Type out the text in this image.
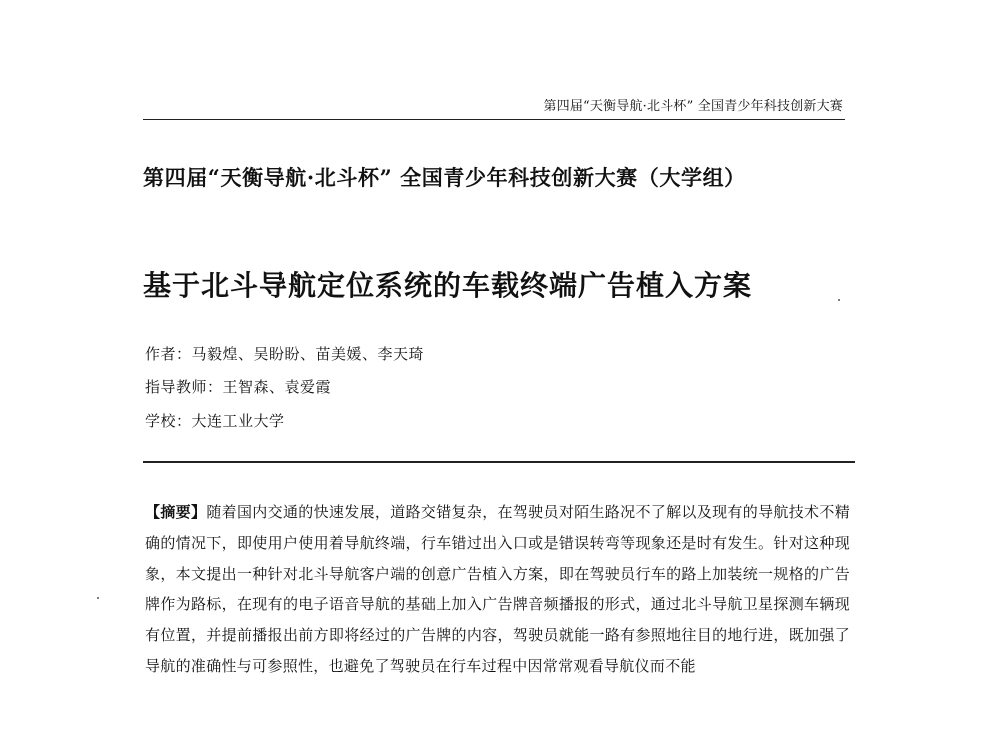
第四届“天衡导航·北斗杯” 全国青少年科技创新大赛
第四届“天衡导航·北斗杯” 全国青少年科技创新大赛（大学组）
基于北斗导航定位系统的车载终端广告植入方案
作者：马毅煌、吴盼盼、苗美媛、李天琦
指导教师：王智森、袁爱霞
学校：大连工业大学
【摘要】随着国内交通的快速发展，道路交错复杂，在驾驶员对陌生路况不了解以及现有的导航技术不精确的情况下，即使用户使用着导航终端，行车错过出入口或是错误转弯等现象还是时有发生。针对这种现象，本文提出一种针对北斗导航客户端的创意广告植入方案，即在驾驶员行车的路上加装统一规格的广告牌作为路标，在现有的电子语音导航的基础上加入广告牌音频播报的形式，通过北斗导航卫星探测车辆现有位置，并提前播报出前方即将经过的广告牌的内容，驾驶员就能一路有参照地往目的地行进，既加强了导航的准确性与可参照性，也避免了驾驶员在行车过程中因常常观看导航仪而不能
